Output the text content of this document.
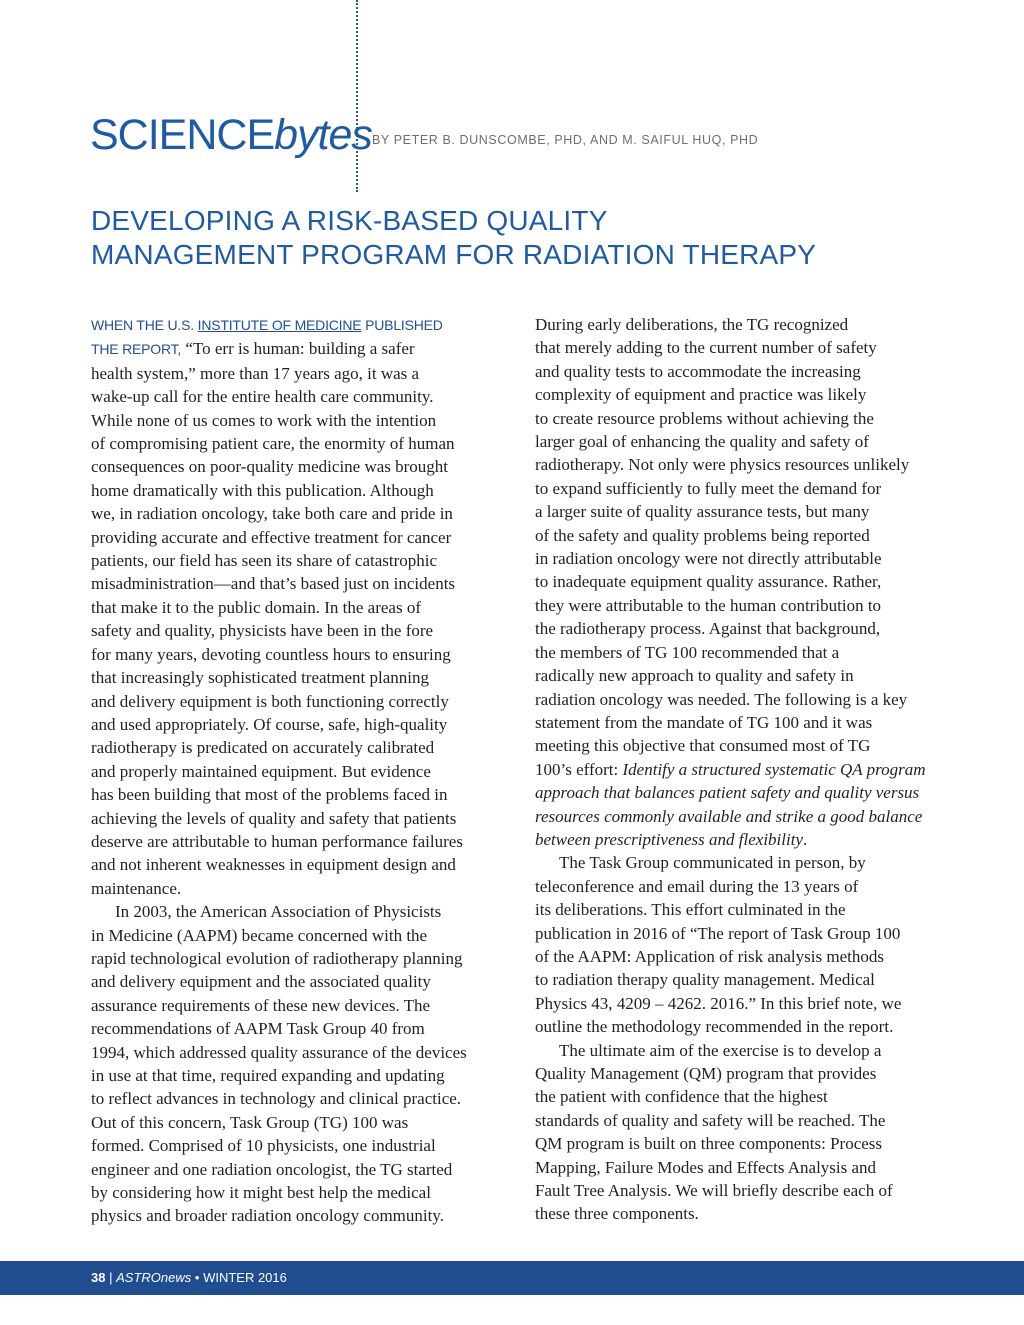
SCIENCEbytes BY PETER B. DUNSCOMBE, PHD, AND M. SAIFUL HUQ, PHD
DEVELOPING A RISK-BASED QUALITY
MANAGEMENT PROGRAM FOR RADIATION THERAPY
WHEN THE U.S. INSTITUTE OF MEDICINE PUBLISHED
THE REPORT, “To err is human: building a safer
health system,” more than 17 years ago, it was a
wake-up call for the entire health care community.
While none of us comes to work with the intention
of compromising patient care, the enormity of human
consequences on poor-quality medicine was brought
home dramatically with this publication. Although
we, in radiation oncology, take both care and pride in
providing accurate and effective treatment for cancer
patients, our field has seen its share of catastrophic
misadministration—and that’s based just on incidents
that make it to the public domain. In the areas of
safety and quality, physicists have been in the fore
for many years, devoting countless hours to ensuring
that increasingly sophisticated treatment planning
and delivery equipment is both functioning correctly
and used appropriately. Of course, safe, high-quality
radiotherapy is predicated on accurately calibrated
and properly maintained equipment. But evidence
has been building that most of the problems faced in
achieving the levels of quality and safety that patients
deserve are attributable to human performance failures
and not inherent weaknesses in equipment design and
maintenance.
In 2003, the American Association of Physicists
in Medicine (AAPM) became concerned with the
rapid technological evolution of radiotherapy planning
and delivery equipment and the associated quality
assurance requirements of these new devices. The
recommendations of AAPM Task Group 40 from
1994, which addressed quality assurance of the devices
in use at that time, required expanding and updating
to reflect advances in technology and clinical practice.
Out of this concern, Task Group (TG) 100 was
formed. Comprised of 10 physicists, one industrial
engineer and one radiation oncologist, the TG started
by considering how it might best help the medical
physics and broader radiation oncology community.
During early deliberations, the TG recognized
that merely adding to the current number of safety
and quality tests to accommodate the increasing
complexity of equipment and practice was likely
to create resource problems without achieving the
larger goal of enhancing the quality and safety of
radiotherapy. Not only were physics resources unlikely
to expand sufficiently to fully meet the demand for
a larger suite of quality assurance tests, but many
of the safety and quality problems being reported
in radiation oncology were not directly attributable
to inadequate equipment quality assurance. Rather,
they were attributable to the human contribution to
the radiotherapy process. Against that background,
the members of TG 100 recommended that a
radically new approach to quality and safety in
radiation oncology was needed. The following is a key
statement from the mandate of TG 100 and it was
meeting this objective that consumed most of TG
100’s effort: Identify a structured systematic QA program
approach that balances patient safety and quality versus
resources commonly available and strike a good balance
between prescriptiveness and flexibility.
The Task Group communicated in person, by
teleconference and email during the 13 years of
its deliberations. This effort culminated in the
publication in 2016 of “The report of Task Group 100
of the AAPM: Application of risk analysis methods
to radiation therapy quality management. Medical
Physics 43, 4209 – 4262. 2016.” In this brief note, we
outline the methodology recommended in the report.
The ultimate aim of the exercise is to develop a
Quality Management (QM) program that provides
the patient with confidence that the highest
standards of quality and safety will be reached. The
QM program is built on three components: Process
Mapping, Failure Modes and Effects Analysis and
Fault Tree Analysis. We will briefly describe each of
these three components.
38 | ASTROnews • WINTER 2016
